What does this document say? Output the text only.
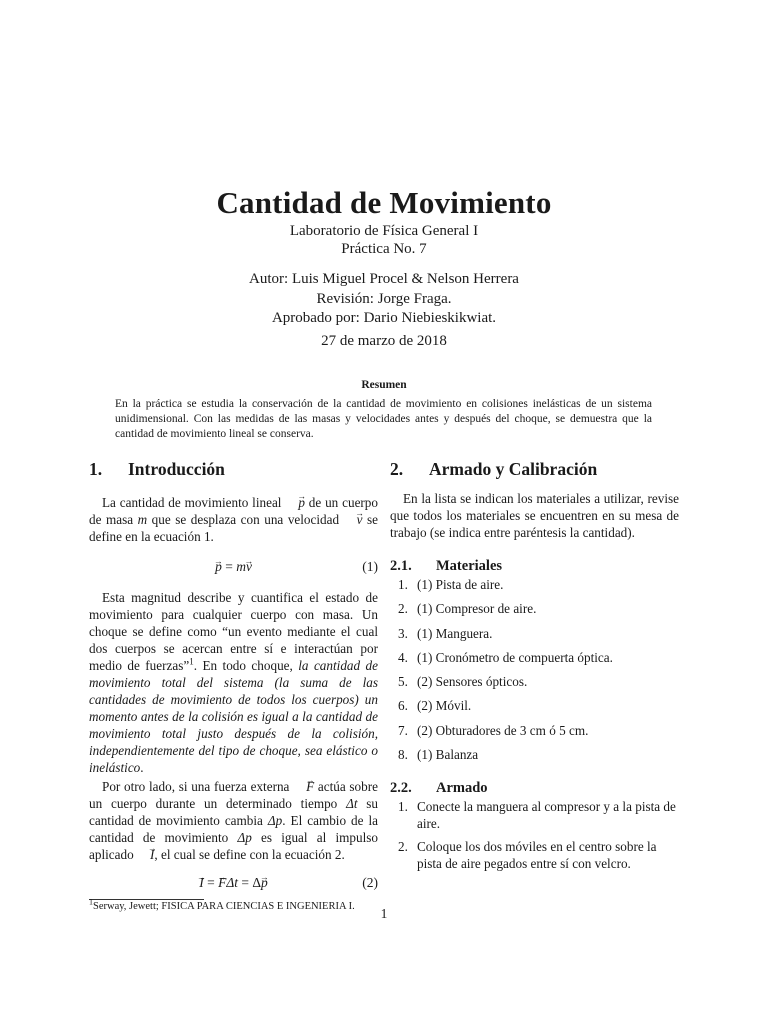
Cantidad de Movimiento
Laboratorio de Física General I
Práctica No. 7
Autor: Luis Miguel Procel & Nelson Herrera
Revisión: Jorge Fraga.
Aprobado por: Dario Niebieskikwiat.
27 de marzo de 2018
Resumen
En la práctica se estudia la conservación de la cantidad de movimiento en colisiones inelásticas de un sistema unidimensional. Con las medidas de las masas y velocidades antes y después del choque, se demuestra que la cantidad de movimiento lineal se conserva.
1. Introducción

La cantidad de movimiento lineal → p de un cuerpo de masa m que se desplaza con una velocidad → v se define en la ecuación 1.

→ p = m→ v	(1)

Esta magnitud describe y cuantifica el estado de movimiento para cualquier cuerpo con masa. Un choque se define como “un evento mediante el cual dos cuerpos se acercan entre sí e interactúan por medio de fuerzas”$^1$. En todo choque, la cantidad de movimiento total del sistema (la suma de las cantidades de movimiento de todos los cuerpos) un momento antes de la colisión es igual a la cantidad de movimiento total justo después de la colisión, independientemente del tipo de choque, sea elástico o inelástico.

Por otro lado, si una fuerza externa → F actúa sobre un cuerpo durante un determinado tiempo Δt su cantidad de movimiento cambia Δp. El cambio de la cantidad de movimiento Δp es igual al impulso aplicado → I, el cual se define con la ecuación 2.

→ I = → FΔt = Δ→ p	(2)
$^1$Serway, Jewett; FISICA PARA CIENCIAS E INGENIERIA I.
2. Armado y Calibración

En la lista se indican los materiales a utilizar, revise que todos los materiales se encuentren en su mesa de trabajo (se indica entre paréntesis la cantidad).

2.1. Materiales
1. (1) Pista de aire.
2. (1) Compresor de aire.
3. (1) Manguera.
4. (1) Cronómetro de compuerta óptica.
5. (2) Sensores ópticos.
6. (2) Móvil.
7. (2) Obturadores de 3 cm ó 5 cm.
8. (1) Balanza
2.2. Armado
1. Conecte la manguera al compresor y a la pista de aire.
2. Coloque los dos móviles en el centro sobre la pista de aire pegados entre sí con velcro.
1
